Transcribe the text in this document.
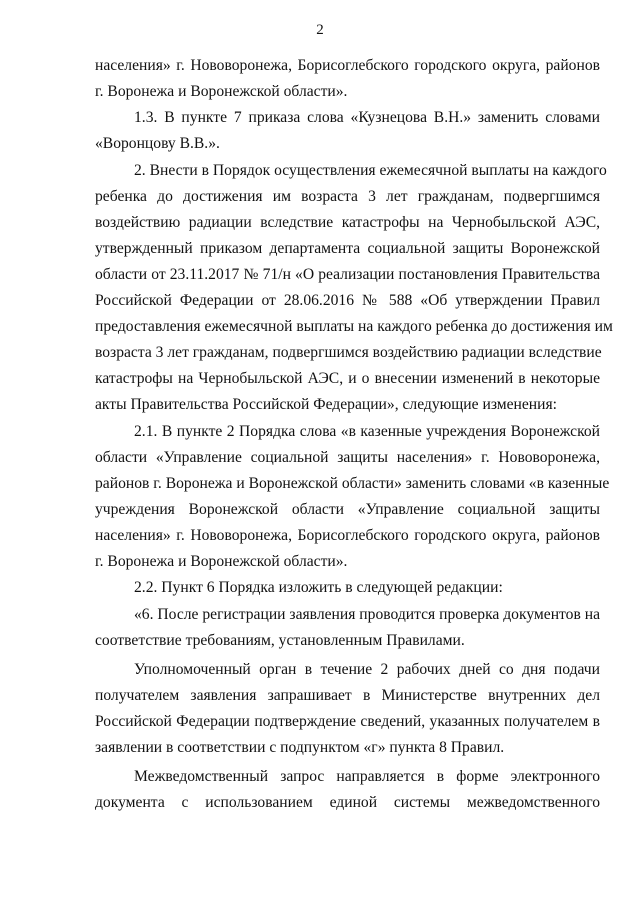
2
населения» г. Нововоронежа, Борисоглебского городского округа, районов
г. Воронежа и Воронежской области».
1.3. В пункте 7 приказа слова «Кузнецова В.Н.» заменить словами
«Воронцову В.В.».
2. Внести в Порядок осуществления ежемесячной выплаты на каждого
ребенка до достижения им возраста 3 лет гражданам, подвергшимся
воздействию радиации вследствие катастрофы на Чернобыльской АЭС,
утвержденный приказом департамента социальной защиты Воронежской
области от 23.11.2017 № 71/н «О реализации постановления Правительства
Российской Федерации от 28.06.2016 № 588 «Об утверждении Правил
предоставления ежемесячной выплаты на каждого ребенка до достижения им
возраста 3 лет гражданам, подвергшимся воздействию радиации вследствие
катастрофы на Чернобыльской АЭС, и о внесении изменений в некоторые
акты Правительства Российской Федерации», следующие изменения:
2.1. В пункте 2 Порядка слова «в казенные учреждения Воронежской
области «Управление социальной защиты населения» г. Нововоронежа,
районов г. Воронежа и Воронежской области» заменить словами «в казенные
учреждения Воронежской области «Управление социальной защиты
населения» г. Нововоронежа, Борисоглебского городского округа, районов
г. Воронежа и Воронежской области».
2.2. Пункт 6 Порядка изложить в следующей редакции:
«6. После регистрации заявления проводится проверка документов на
соответствие требованиям, установленным Правилами.
Уполномоченный орган в течение 2 рабочих дней со дня подачи
получателем заявления запрашивает в Министерстве внутренних дел
Российской Федерации подтверждение сведений, указанных получателем в
заявлении в соответствии с подпунктом «г» пункта 8 Правил.
Межведомственный запрос направляется в форме электронного
документа с использованием единой системы межведомственного
